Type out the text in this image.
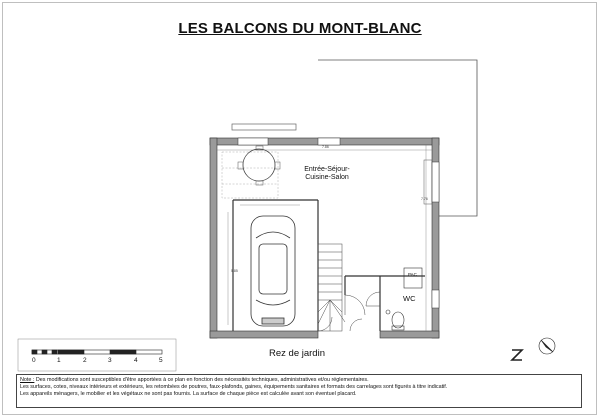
LES BALCONS DU MONT-BLANC
7.86
7.76
5.85
Entrée-Séjour-
Cuisine-Salon
WC
PAC
Rez de jardin
0	1	2	3	4	5

Note : Des modifications sont susceptibles d'être apportées à ce plan en fonction des nécessités techniques, administratives et/ou réglementaires.

Les surfaces, cotes, niveaux intérieurs et extérieurs, les retombées de poutres, faux-plafonds, gaines, équipements sanitaires et formats des carrelages sont figurés à titre indicatif.

Les appareils ménagers, le mobilier et les végétaux ne sont pas fournis. La surface de chaque pièce est calculée avant son éventuel placard.
